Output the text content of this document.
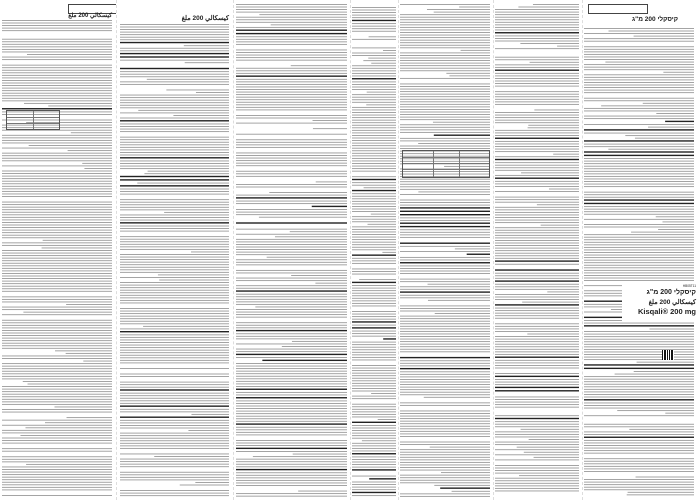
كيسكالي 200 ملغ	كيسكالي 200 ملغ	קיסקלי 200 מ"ג
HB05T11
קיסקלי 200 מ"ג
كيسكالي 200 ملغ
Kisqali® 200 mg
